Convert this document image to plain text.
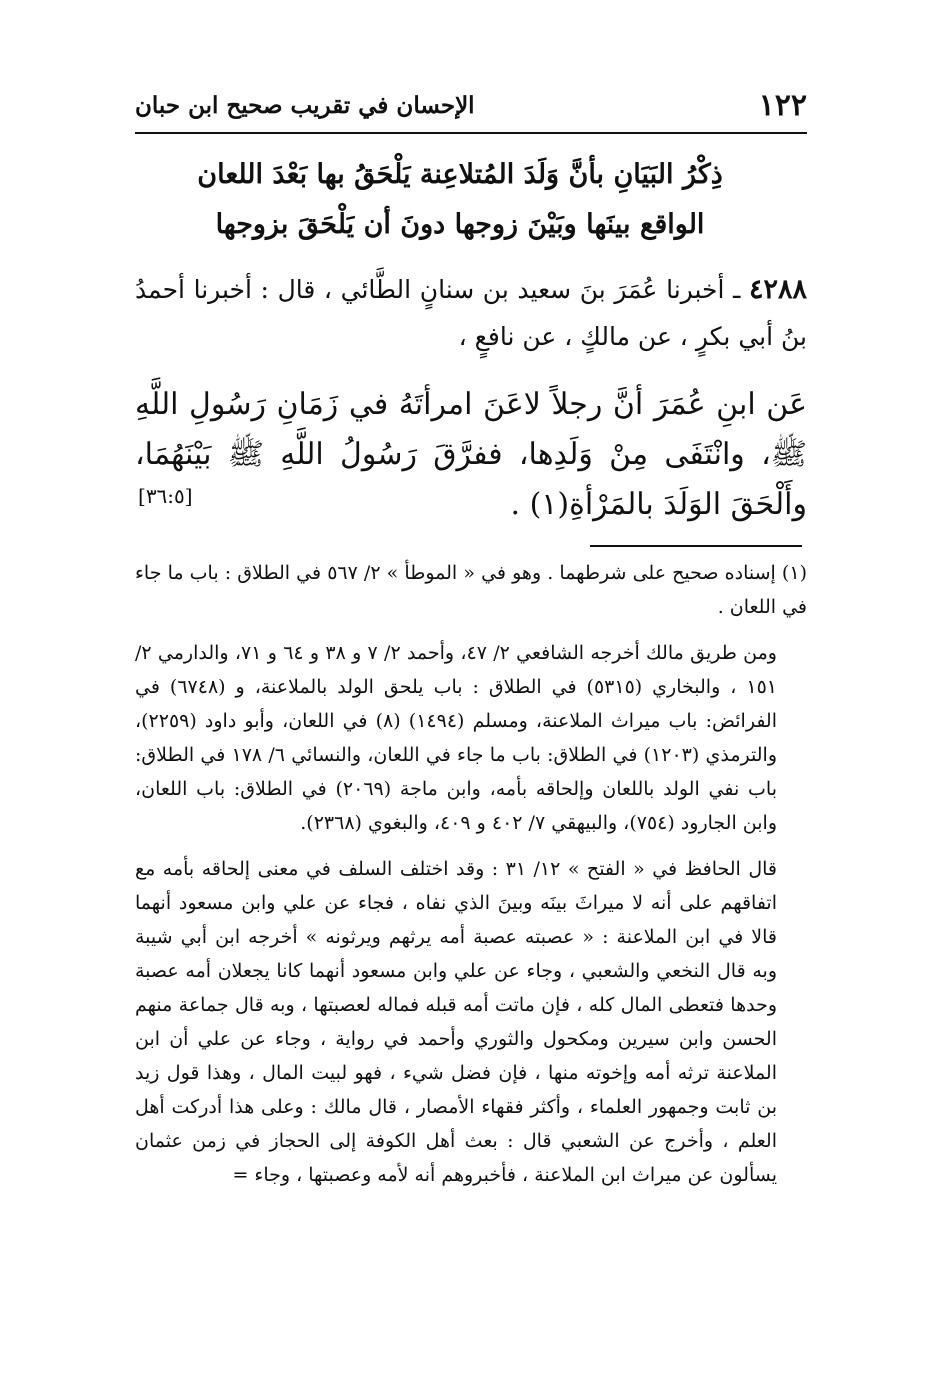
١٢٢
الإحسان في تقريب صحيح ابن حبان
ذِكْرُ البَيَانِ بأنَّ وَلَدَ المُتلاعِنة يَلْحَقُ بها بَعْدَ اللعان
الواقع بينَها وبَيْنَ زوجها دونَ أن يَلْحَقَ بزوجها
٤٢٨٨ ـ أخبرنا عُمَرَ بنَ سعيد بن سنانٍ الطَّائي ، قال : أخبرنا أحمدُ بنُ أبي بكرٍ ، عن مالكٍ ، عن نافعٍ ،
عَن ابنِ عُمَرَ أنَّ رجلاً لاعَنَ امرأتَهُ في زَمَانِ رَسُولِ اللَّهِ ﷺ، وانْتَفَى مِنْ وَلَدِها، ففرَّقَ رَسُولُ اللَّهِ ﷺ بَيْنَهُمَا، وأَلْحَقَ الوَلَدَ بالمَرْأةِ(١) .
[٣٦:٥]

(١) إسناده صحيح على شرطهما . وهو في « الموطأ » ٢/ ٥٦٧ في الطلاق : باب ما جاء في اللعان .

ومن طريق مالك أخرجه الشافعي ٢/ ٤٧، وأحمد ٢/ ٧ و ٣٨ و ٦٤ و ٧١، والدارمي ٢/ ١٥١ ، والبخاري (٥٣١٥) في الطلاق : باب يلحق الولد بالملاعنة، و (٦٧٤٨) في الفرائض: باب ميراث الملاعنة، ومسلم (١٤٩٤) (٨) في اللعان، وأبو داود (٢٢٥٩)، والترمذي (١٢٠٣) في الطلاق: باب ما جاء في اللعان، والنسائي ٦/ ١٧٨ في الطلاق: باب نفي الولد باللعان وإلحاقه بأمه، وابن ماجة (٢٠٦٩) في الطلاق: باب اللعان، وابن الجارود (٧٥٤)، والبيهقي ٧/ ٤٠٢ و ٤٠٩، والبغوي (٢٣٦٨).

قال الحافظ في « الفتح » ١٢/ ٣١ : وقد اختلف السلف في معنى إلحاقه بأمه مع اتفاقهم على أنه لا ميراثَ بينَه وبينَ الذي نفاه ، فجاء عن علي وابن مسعود أنهما قالا في ابن الملاعنة : « عصبته عصبة أمه يرثهم ويرثونه » أخرجه ابن أبي شيبة وبه قال النخعي والشعبي ، وجاء عن علي وابن مسعود أنهما كانا يجعلان أمه عصبة وحدها فتعطى المال كله ، فإن ماتت أمه قبله فماله لعصبتها ، وبه قال جماعة منهم الحسن وابن سيرين ومكحول والثوري وأحمد في رواية ، وجاء عن علي أن ابن الملاعنة ترثه أمه وإخوته منها ، فإن فضل شيء ، فهو لبيت المال ، وهذا قول زيد بن ثابت وجمهور العلماء ، وأكثر فقهاء الأمصار ، قال مالك : وعلى هذا أدركت أهل العلم ، وأخرج عن الشعبي قال : بعث أهل الكوفة إلى الحجاز في زمن عثمان يسألون عن ميراث ابن الملاعنة ، فأخبروهم أنه لأمه وعصبتها ، وجاء =
